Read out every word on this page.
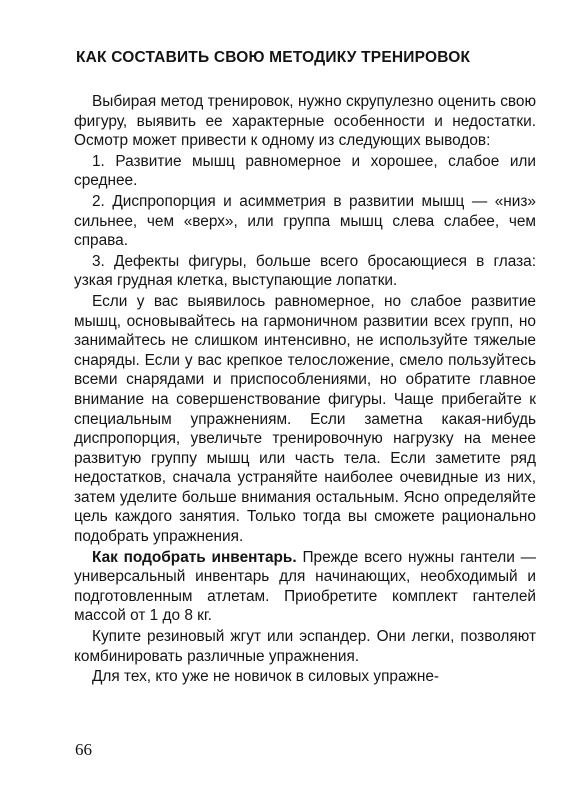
КАК СОСТАВИТЬ СВОЮ МЕТОДИКУ ТРЕНИРОВОК

Выбирая метод тренировок, нужно скрупулезно оценить свою фигуру, выявить ее характерные особенности и недостатки. Осмотр может привести к одному из следующих выводов:

1. Развитие мышц равномерное и хорошее, слабое или среднее.

2. Диспропорция и асимметрия в развитии мышц — «низ» сильнее, чем «верх», или группа мышц слева слабее, чем справа.

3. Дефекты фигуры, больше всего бросающиеся в глаза: узкая грудная клетка, выступающие лопатки.

Если у вас выявилось равномерное, но слабое развитие мышц, основывайтесь на гармоничном развитии всех групп, но занимайтесь не слишком интенсивно, не используйте тяжелые снаряды. Если у вас крепкое телосложение, смело пользуйтесь всеми снарядами и приспособлениями, но обратите главное внимание на совершенствование фигуры. Чаще прибегайте к специальным упражнениям. Если заметна какая-нибудь диспропорция, увеличьте тренировочную нагрузку на менее развитую группу мышц или часть тела. Если заметите ряд недостатков, сначала устраняйте наиболее очевидные из них, затем уделите больше внимания остальным. Ясно определяйте цель каждого занятия. Только тогда вы сможете рационально подобрать упражнения.

Как подобрать инвентарь. Прежде всего нужны гантели — универсальный инвентарь для начинающих, необходимый и подготовленным атлетам. Приобретите комплект гантелей массой от 1 до 8 кг.

Купите резиновый жгут или эспандер. Они легки, позволяют комбинировать различные упражнения.

Для тех, кто уже не новичок в силовых упражне-

66
